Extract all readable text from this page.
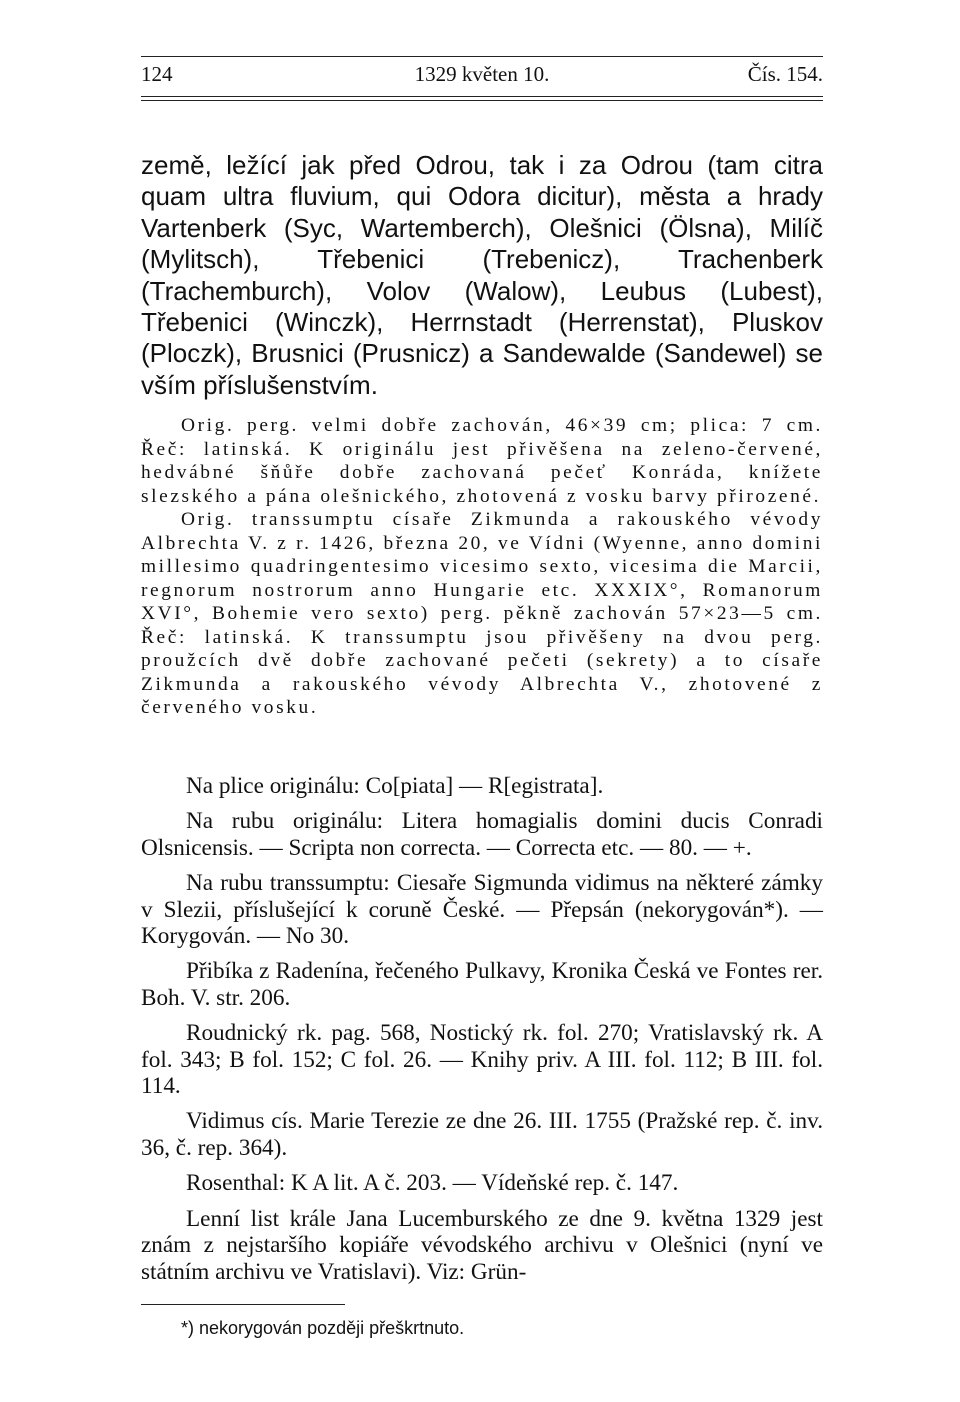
124	1329 květen 10.	Čís. 154.

země, ležící jak před Odrou, tak i za Odrou (tam citra quam ultra fluvium, qui Odora dicitur), města a hrady Vartenberk (Syc, Wartemberch), Olešnici (Ölsna), Milíč (Mylitsch), Třebenici (Trebenicz), Trachenberk (Trachemburch), Volov (Walow), Leubus (Lubest), Třebenici (Winczk), Herrnstadt (Herrenstat), Pluskov (Ploczk), Brusnici (Prusnicz) a Sandewalde (Sandewel) se vším příslušenstvím.

Orig. perg. velmi dobře zachován, 46×39 cm; plica: 7 cm. Řeč: latinská. K originálu jest přivěšena na zeleno-červené, hedvábné šňůře dobře zachovaná pečeť Konráda, knížete slezského a pána olešnického, zhotovená z vosku barvy přirozené.

Orig. transsumptu císaře Zikmunda a rakouského vévody Albrechta V. z r. 1426, března 20, ve Vídni (Wyenne, anno domini millesimo quadringentesimo vicesimo sexto, vicesima die Marcii, regnorum nostrorum anno Hungarie etc. XXXIX°, Romanorum XVI°, Bohemie vero sexto) perg. pěkně zachován 57×23—5 cm. Řeč: latinská. K transsumptu jsou přivěšeny na dvou perg. proužcích dvě dobře zachované pečeti (sekrety) a to císaře Zikmunda a rakouského vévody Albrechta V., zhotovené z červeného vosku.

Na plice originálu: Co[piata] — R[egistrata].

Na rubu originálu: Litera homagialis domini ducis Conradi Olsnicensis. — Scripta non correcta. — Correcta etc. — 80. — +.

Na rubu transsumptu: Ciesaře Sigmunda vidimus na některé zámky v Slezii, příslušející k coruně České. — Přepsán (nekorygován*). — Korygován. — No 30.

Přibíka z Radenína, řečeného Pulkavy, Kronika Česká ve Fontes rer. Boh. V. str. 206.

Roudnický rk. pag. 568, Nostický rk. fol. 270; Vratislavský rk. A fol. 343; B fol. 152; C fol. 26. — Knihy priv. A III. fol. 112; B III. fol. 114.

Vidimus cís. Marie Terezie ze dne 26. III. 1755 (Pražské rep. č. inv. 36, č. rep. 364).

Rosenthal: K A lit. A č. 203. — Vídeňské rep. č. 147.

Lenní list krále Jana Lucemburského ze dne 9. května 1329 jest znám z nejstaršího kopiáře vévodského archivu v Olešnici (nyní ve státním archivu ve Vratislavi). Viz: Grün-

*) nekorygován později přeškrtnuto.
